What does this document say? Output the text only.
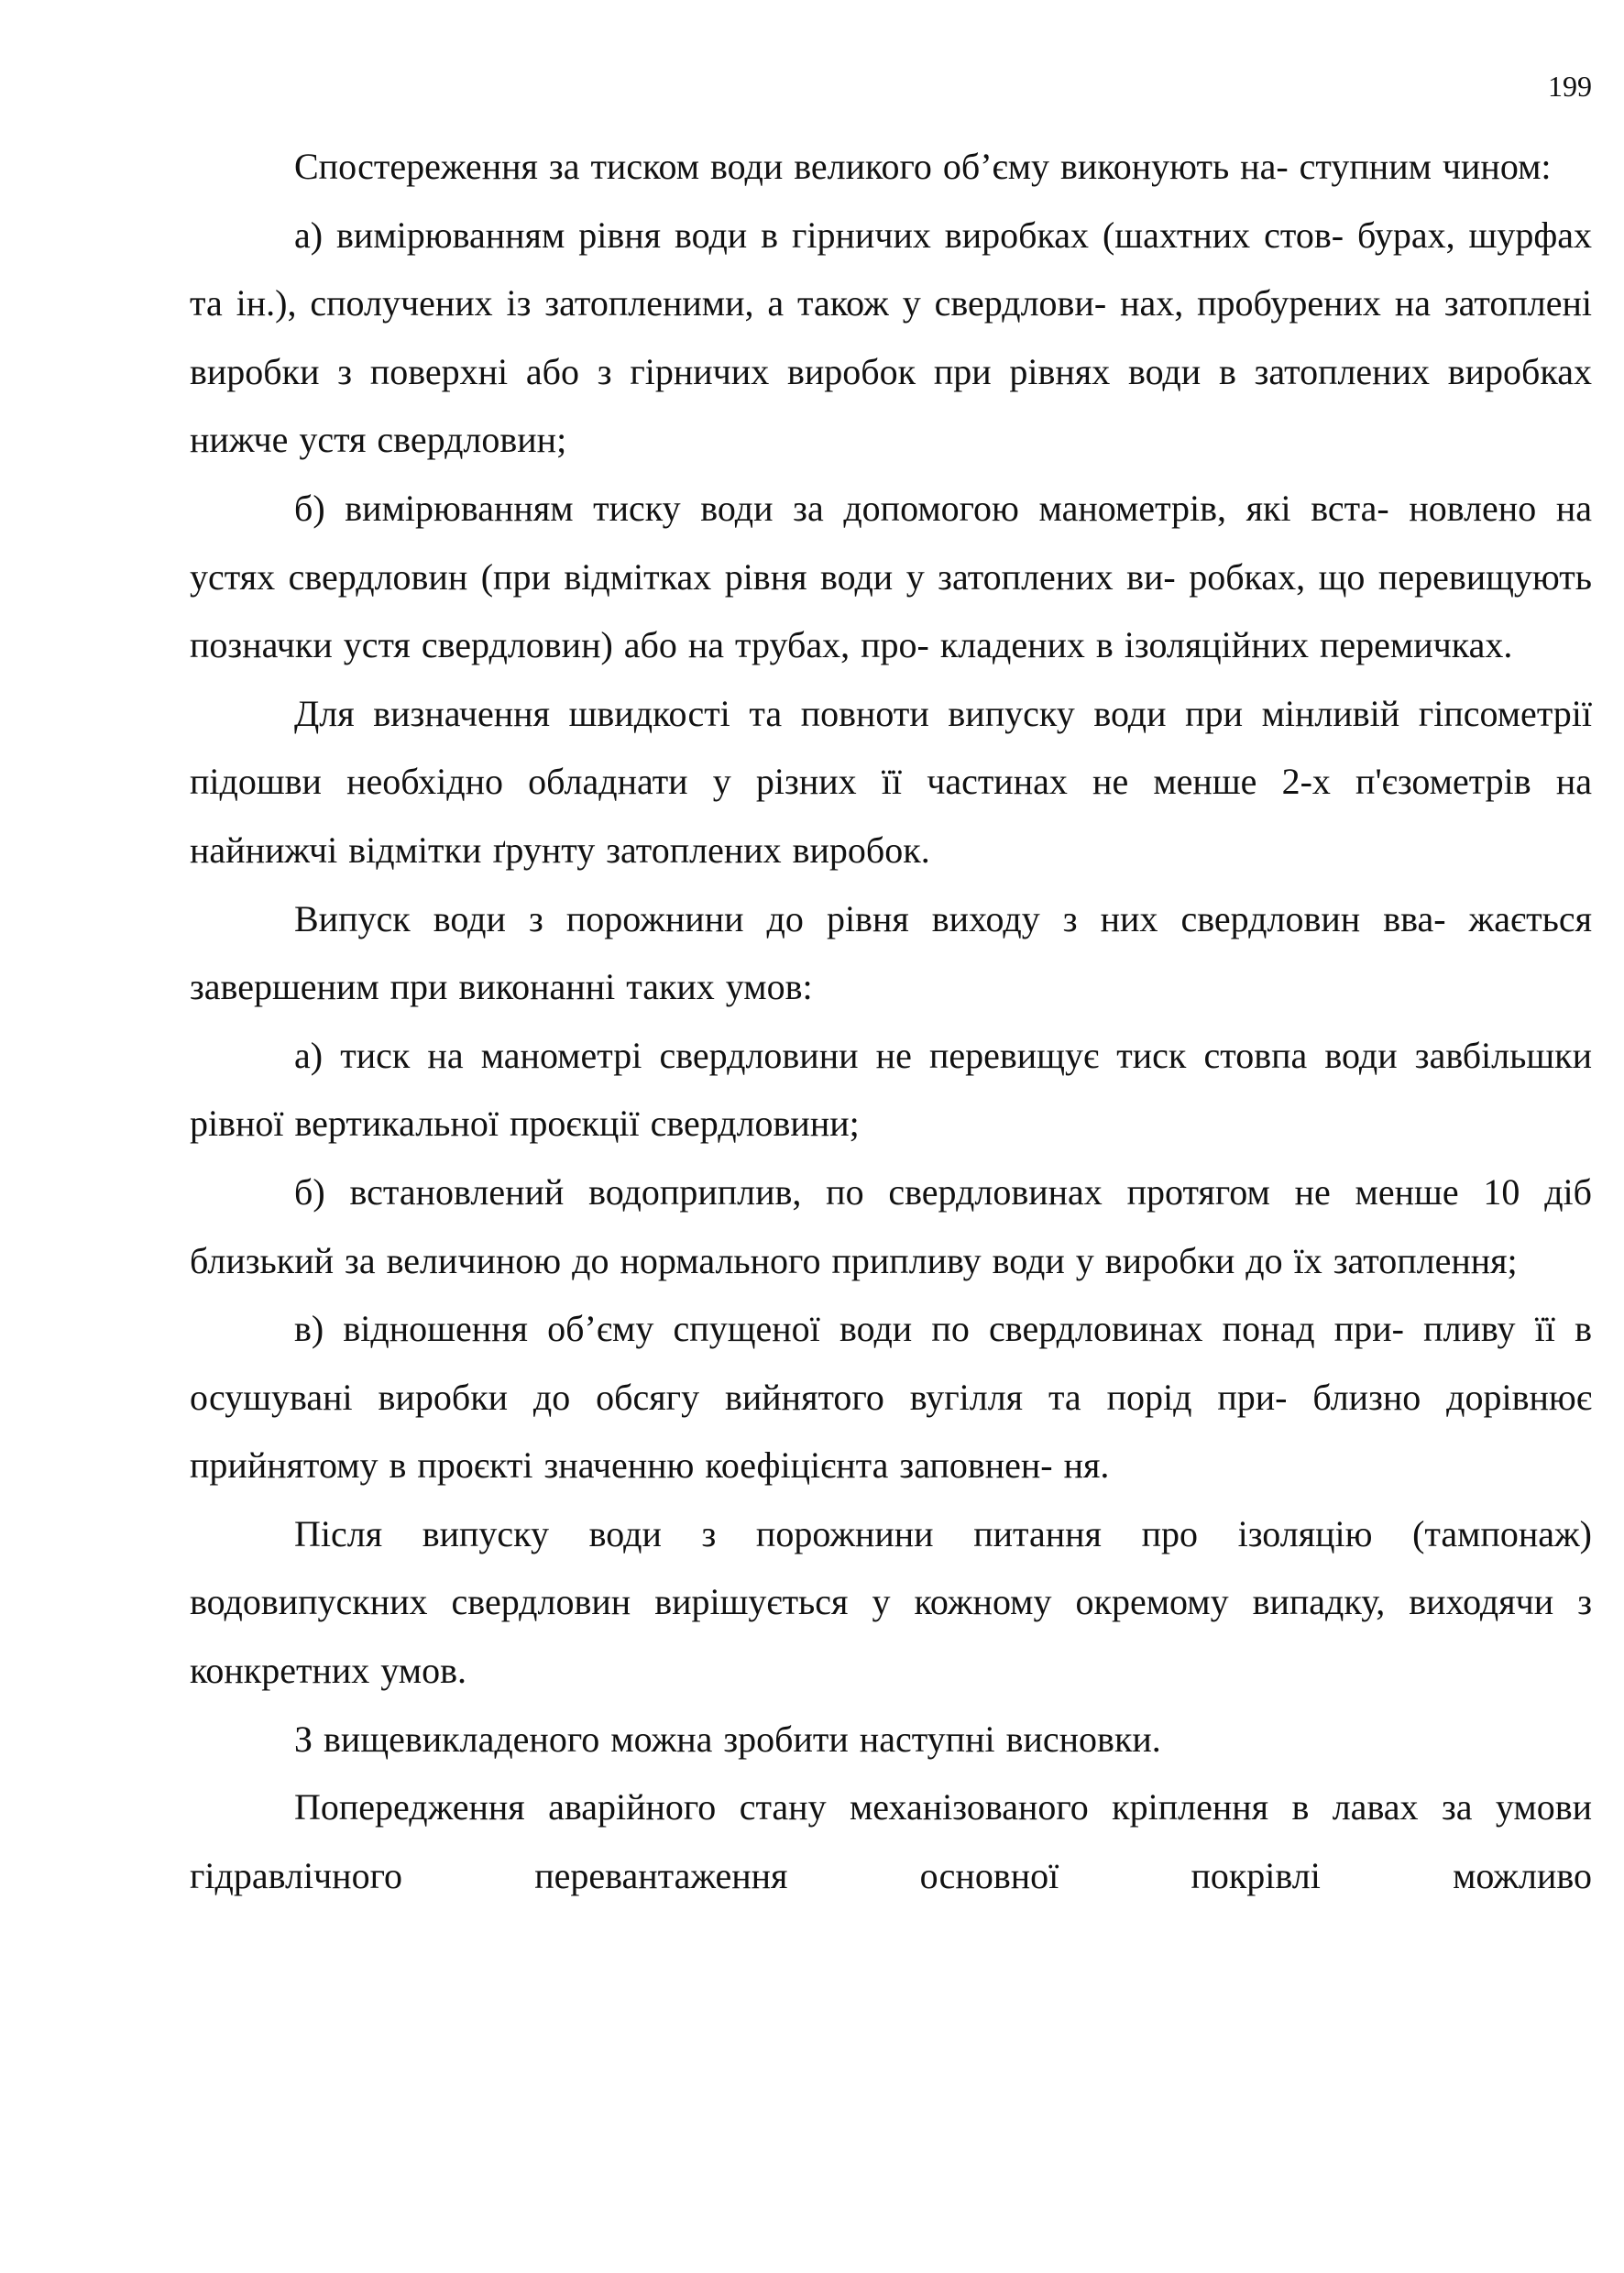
199

Спостереження за тиском води великого об’єму виконують на- ступним чином:

а) вимірюванням рівня води в гірничих виробках (шахтних стов- бурах, шурфах та ін.), сполучених із затопленими, а також у свердлови- нах, пробурених на затоплені виробки з поверхні або з гірничих виробок при рівнях води в затоплених виробках нижче устя свердловин;

б) вимірюванням тиску води за допомогою манометрів, які вста- новлено на устях свердловин (при відмітках рівня води у затоплених ви- робках, що перевищують позначки устя свердловин) або на трубах, про- кладених в ізоляційних перемичках.

Для визначення швидкості та повноти випуску води при мінливій гіпсометрії підошви необхідно обладнати у різних її частинах не менше 2-х п'єзометрів на найнижчі відмітки ґрунту затоплених виробок.

Випуск води з порожнини до рівня виходу з них свердловин вва- жається завершеним при виконанні таких умов:

а) тиск на манометрі свердловини не перевищує тиск стовпа води завбільшки рівної вертикальної проєкції свердловини;

б) встановлений водоприплив, по свердловинах протягом не менше 10 діб близький за величиною до нормального припливу води у виробки до їх затоплення;

в) відношення об’єму спущеної води по свердловинах понад при- пливу її в осушувані виробки до обсягу вийнятого вугілля та порід при- близно дорівнює прийнятому в проєкті значенню коефіцієнта заповнен- ня.

Після випуску води з порожнини питання про ізоляцію (тампонаж) водовипускних свердловин вирішується у кожному окремому випадку, виходячи з конкретних умов.

З вищевикладеного можна зробити наступні висновки.

Попередження аварійного стану механізованого кріплення в лавах за умови гідравлічного перевантаження основної покрівлі можливо
